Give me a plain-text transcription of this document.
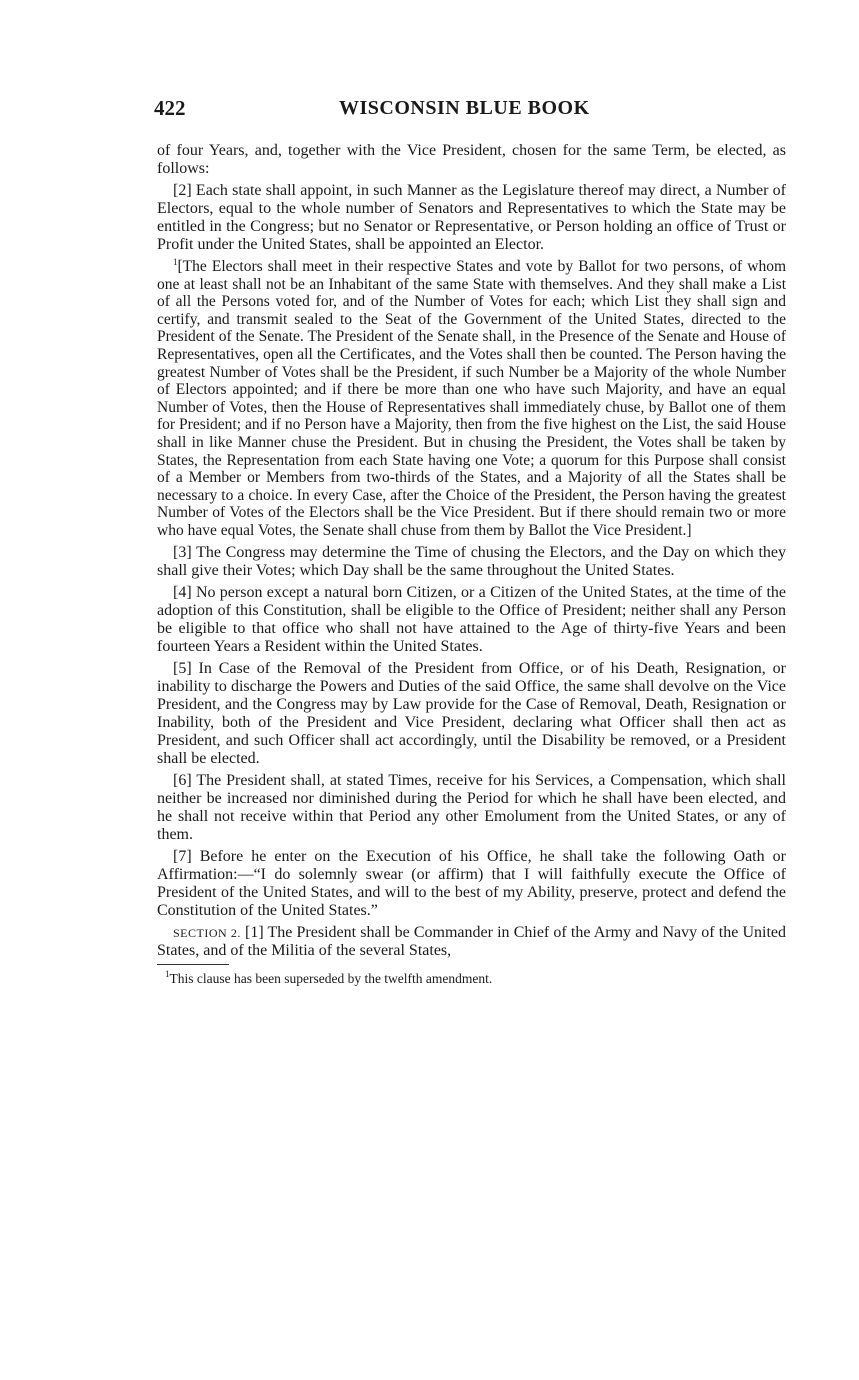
422	WISCONSIN BLUE BOOK

of four Years, and, together with the Vice President, chosen for the same Term, be elected, as follows:

[2] Each state shall appoint, in such Manner as the Legislature thereof may direct, a Number of Electors, equal to the whole number of Senators and Representatives to which the State may be entitled in the Congress; but no Senator or Representative, or Person holding an office of Trust or Profit under the United States, shall be appointed an Elector.

$^1$[The Electors shall meet in their respective States and vote by Ballot for two persons, of whom one at least shall not be an Inhabitant of the same State with themselves. And they shall make a List of all the Persons voted for, and of the Number of Votes for each; which List they shall sign and certify, and transmit sealed to the Seat of the Government of the United States, directed to the President of the Senate. The President of the Senate shall, in the Presence of the Senate and House of Representatives, open all the Certificates, and the Votes shall then be counted. The Person having the greatest Number of Votes shall be the President, if such Number be a Majority of the whole Number of Electors appointed; and if there be more than one who have such Majority, and have an equal Number of Votes, then the House of Representatives shall immediately chuse, by Ballot one of them for President; and if no Person have a Majority, then from the five highest on the List, the said House shall in like Manner chuse the President. But in chusing the President, the Votes shall be taken by States, the Representation from each State having one Vote; a quorum for this Purpose shall consist of a Member or Members from two-thirds of the States, and a Majority of all the States shall be necessary to a choice. In every Case, after the Choice of the President, the Person having the greatest Number of Votes of the Electors shall be the Vice President. But if there should remain two or more who have equal Votes, the Senate shall chuse from them by Ballot the Vice President.]

[3] The Congress may determine the Time of chusing the Electors, and the Day on which they shall give their Votes; which Day shall be the same throughout the United States.

[4] No person except a natural born Citizen, or a Citizen of the United States, at the time of the adoption of this Constitution, shall be eligible to the Office of President; neither shall any Person be eligible to that office who shall not have attained to the Age of thirty-five Years and been fourteen Years a Resident within the United States.

[5] In Case of the Removal of the President from Office, or of his Death, Resignation, or inability to discharge the Powers and Duties of the said Office, the same shall devolve on the Vice President, and the Congress may by Law provide for the Case of Removal, Death, Resignation or Inability, both of the President and Vice President, declaring what Officer shall then act as President, and such Officer shall act accordingly, until the Disability be removed, or a President shall be elected.

[6] The President shall, at stated Times, receive for his Services, a Compensation, which shall neither be increased nor diminished during the Period for which he shall have been elected, and he shall not receive within that Period any other Emolument from the United States, or any of them.

[7] Before he enter on the Execution of his Office, he shall take the following Oath or Affirmation:—“I do solemnly swear (or affirm) that I will faithfully execute the Office of President of the United States, and will to the best of my Ability, preserve, protect and defend the Constitution of the United States.”

SECTION 2. [1] The President shall be Commander in Chief of the Army and Navy of the United States, and of the Militia of the several States,

$^1$This clause has been superseded by the twelfth amendment.
